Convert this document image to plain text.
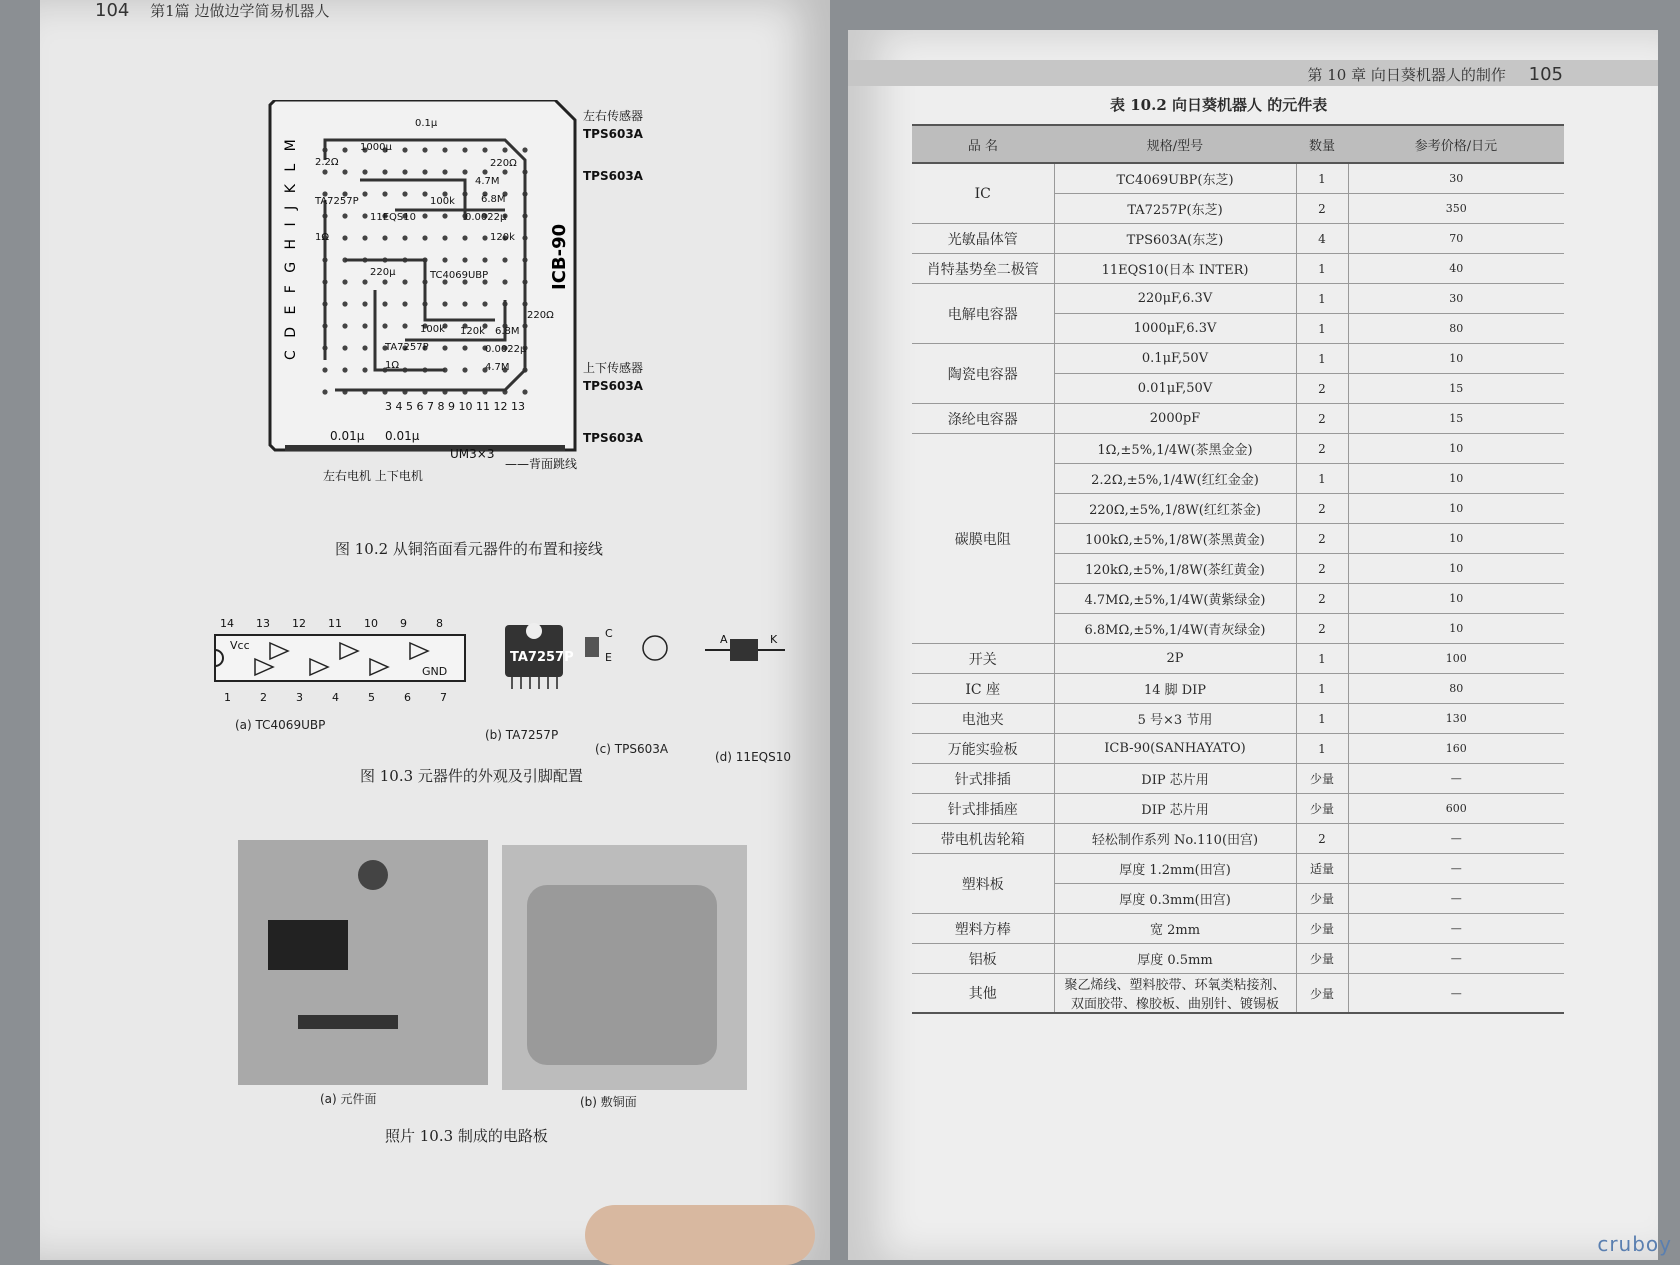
104 第1篇 边做边学简易机器人
0.1μ
1000μ
2.2Ω	220Ω
4.7M
6.8M
TA7257P
11EQS10
100k
0.0022μ
1Ω	120k
220μ	TC4069UBP
100k 120k 6.8M
0.0022μ
TA7257P
1Ω	4.7M
220Ω
C D E F G H I J K L M	ICB-90
3 4 5 6 7 8 9 10 11 12 13
左右传感器
TPS603A
TPS603A
上下传感器
TPS603A
TPS603A
0.01μ 0.01μ
UM3×3
左右电机 上下电机
——背面跳线
图 10.2 从铜箔面看元器件的布置和接线
14 13 12 11 10 9	8
1	2	3	4	5	6	7
Vcc
GND
TA7257P
C
E
A	K
(a) TC4069UBP
(b) TA7257P
(c) TPS603A
(d) 11EQS10
图 10.3 元器件的外观及引脚配置
(a) 元件面	(b) 敷铜面
照片 10.3 制成的电路板
第 10 章 向日葵机器人的制作 105
表 10.2 向日葵机器人 的元件表
品 名	规格/型号	数量	参考价格/日元
IC	TC4069UBP(东芝)	1	30
	TA7257P(东芝)	2	350
光敏晶体管	TPS603A(东芝)	4	70
肖特基势垒二极管	11EQS10(日本 INTER)	1	40
电解电容器	220μF,6.3V	1	30
	1000μF,6.3V	1	80
陶瓷电容器	0.1μF,50V	1	10
	0.01μF,50V	2	15
涤纶电容器	2000pF	2	15
碳膜电阻	1Ω,±5%,1/4W(茶黑金金)	2	10
	2.2Ω,±5%,1/4W(红红金金)	1	10
	220Ω,±5%,1/8W(红红茶金)	2	10
	100kΩ,±5%,1/8W(茶黑黄金)	2	10
	120kΩ,±5%,1/8W(茶红黄金)	2	10
	4.7MΩ,±5%,1/4W(黄紫绿金)	2	10
	6.8MΩ,±5%,1/4W(青灰绿金)	2	10
开关	2P	1	100
IC 座	14 脚 DIP	1	80
电池夹	5 号×3 节用	1	130
万能实验板	ICB-90(SANHAYATO)	1	160
针式排插	DIP 芯片用	少量	—
针式排插座	DIP 芯片用	少量	600
带电机齿轮箱	轻松制作系列 No.110(田宫)	2	—
塑料板	厚度 1.2mm(田宫)	适量	—
	厚度 0.3mm(田宫)	少量	—
塑料方棒	宽 2mm	少量	—
铝板	厚度 0.5mm	少量	—
其他	聚乙烯线、塑料胶带、环氧类粘接剂、双面胶带、橡胶板、曲别针、镀锡板	少量	—
cruboy
